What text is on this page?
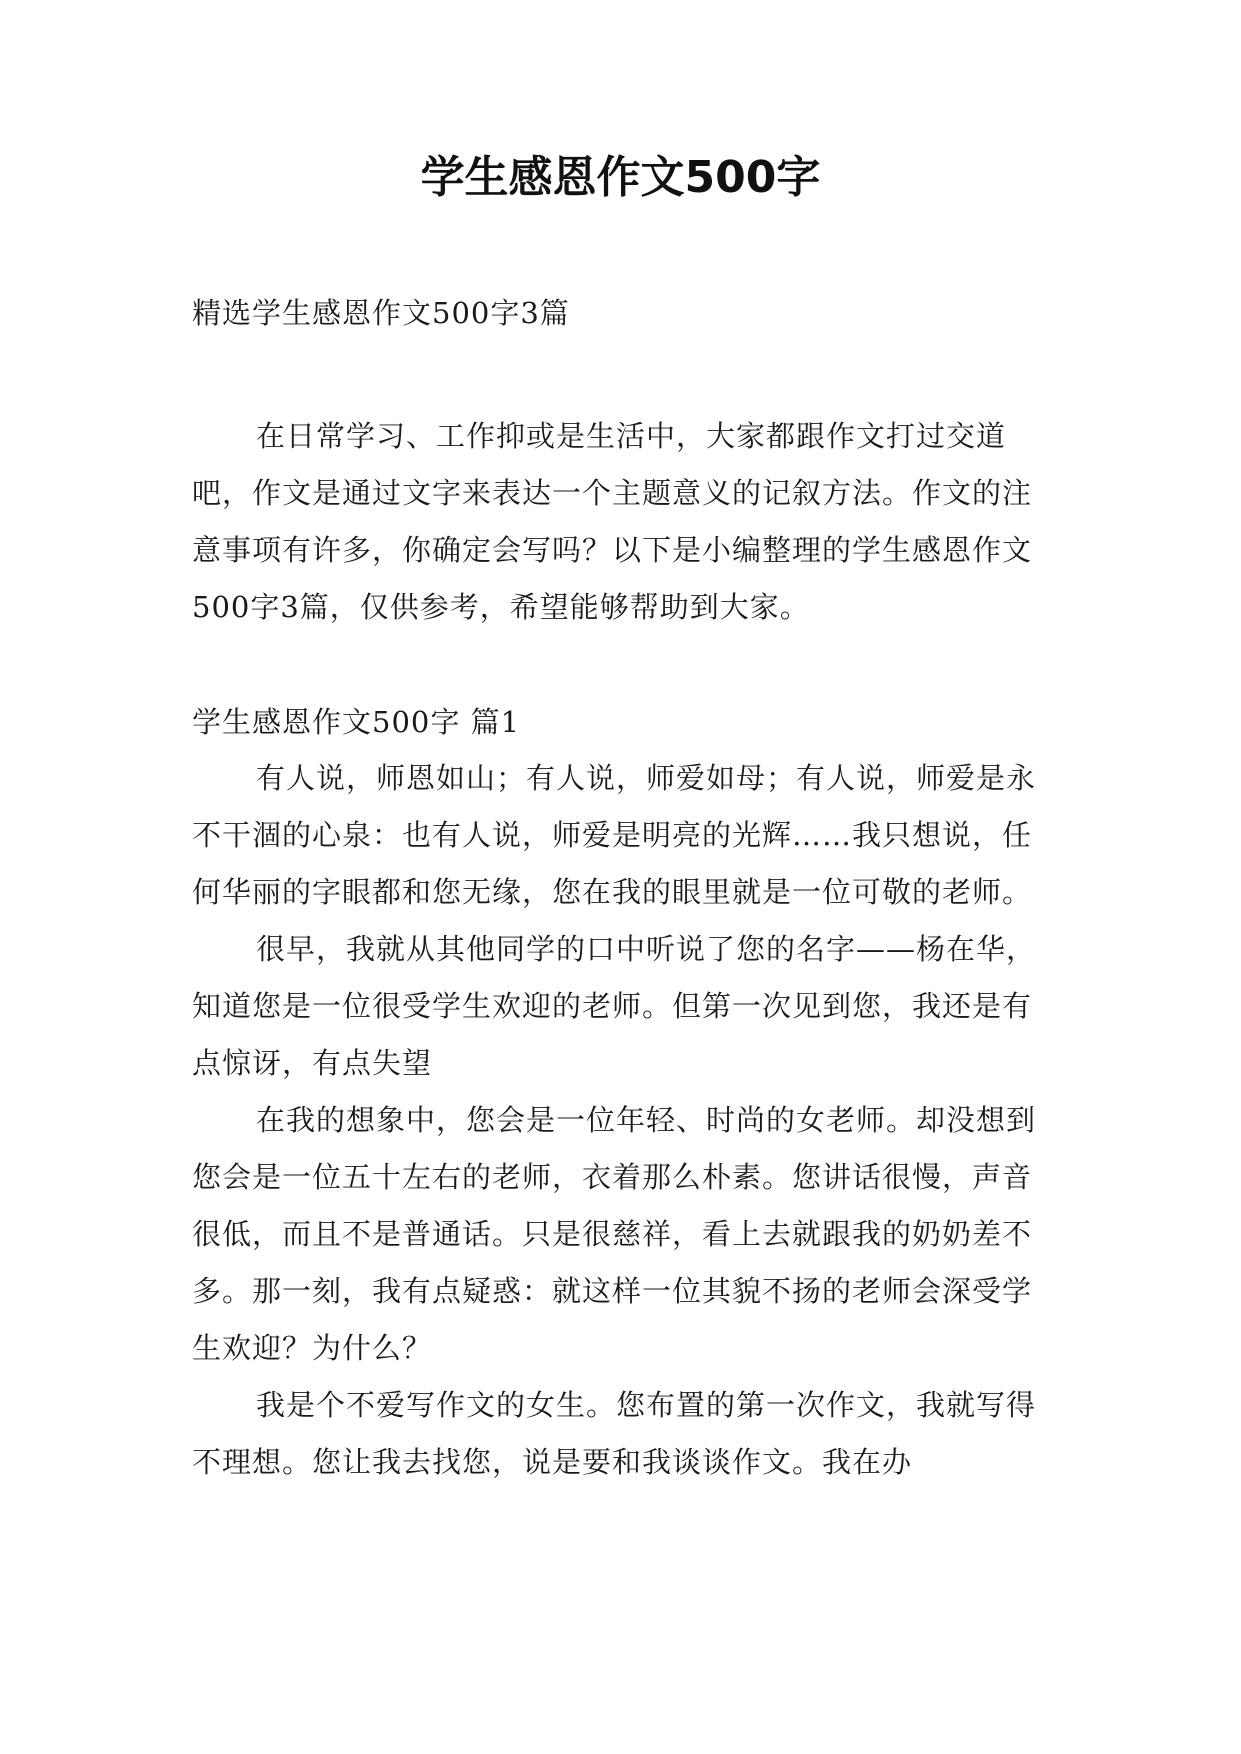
学生感恩作文500字

精选学生感恩作文500字3篇

在日常学习、工作抑或是生活中，大家都跟作文打过交道吧，作文是通过文字来表达一个主题意义的记叙方法。作文的注意事项有许多，你确定会写吗？以下是小编整理的学生感恩作文500字3篇，仅供参考，希望能够帮助到大家。

学生感恩作文500字 篇1

有人说，师恩如山；有人说，师爱如母；有人说，师爱是永不干涸的心泉：也有人说，师爱是明亮的光辉……我只想说，任何华丽的字眼都和您无缘，您在我的眼里就是一位可敬的老师。

很早，我就从其他同学的口中听说了您的名字——杨在华，知道您是一位很受学生欢迎的老师。但第一次见到您，我还是有点惊讶，有点失望

在我的想象中，您会是一位年轻、时尚的女老师。却没想到您会是一位五十左右的老师，衣着那么朴素。您讲话很慢，声音很低，而且不是普通话。只是很慈祥，看上去就跟我的奶奶差不多。那一刻，我有点疑惑：就这样一位其貌不扬的老师会深受学生欢迎？为什么？

我是个不爱写作文的女生。您布置的第一次作文，我就写得不理想。您让我去找您，说是要和我谈谈作文。我在办
